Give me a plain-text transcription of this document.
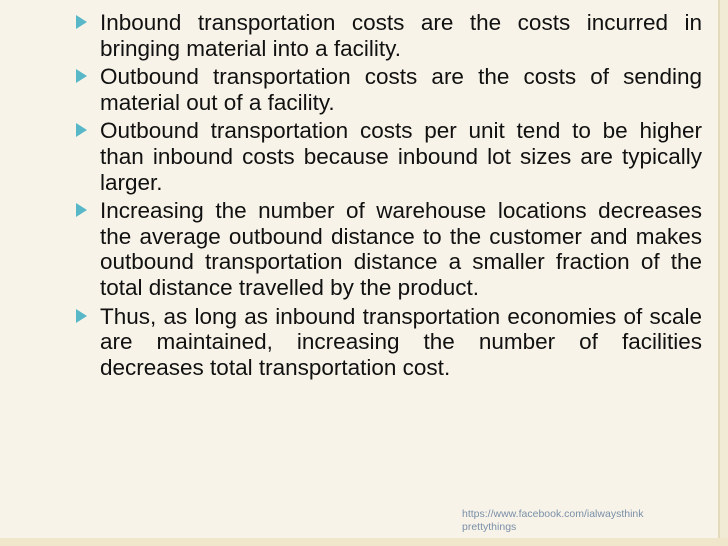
Inbound transportation costs are the costs incurred in bringing material into a facility.
Outbound transportation costs are the costs of sending material out of a facility.
Outbound transportation costs per unit tend to be higher than inbound costs because inbound lot sizes are typically larger.
Increasing the number of warehouse locations decreases the average outbound distance to the customer and makes outbound transportation distance a smaller fraction of the total distance travelled by the product.
Thus, as long as inbound transportation economies of scale are maintained, increasing the number of facilities decreases total transportation cost.
https://www.facebook.com/ialwaysthink
prettythings
